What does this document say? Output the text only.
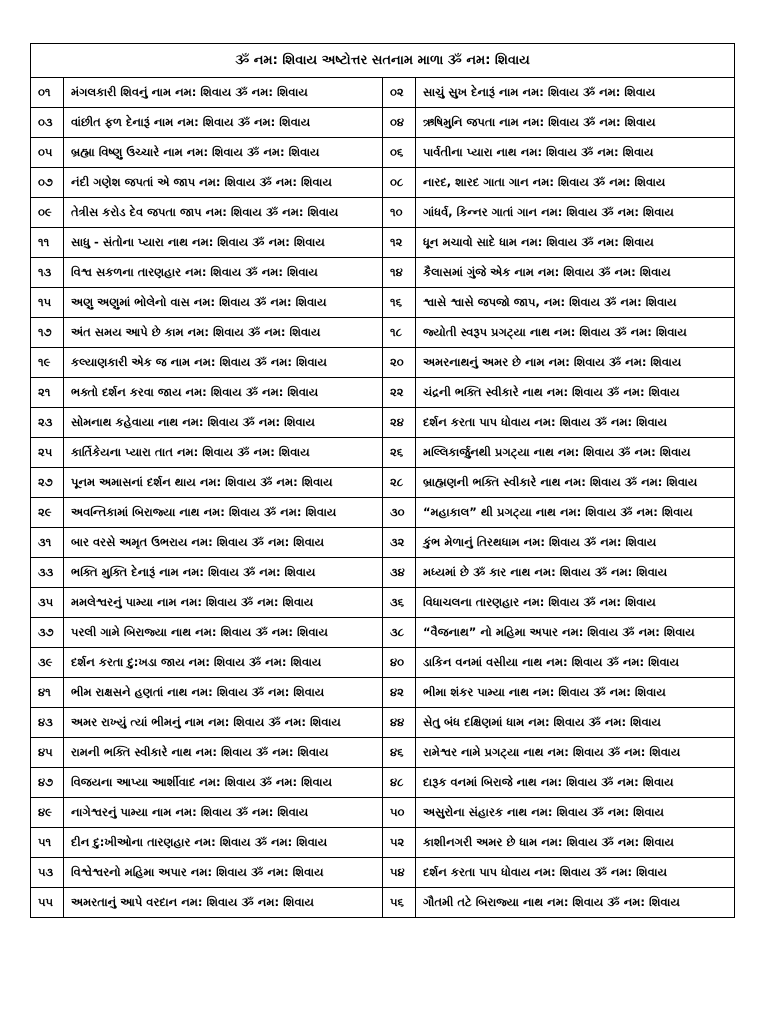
ૐ નમ: શિવાય અષ્ટોત્તર સતનામ માળા ૐ નમ: શિવાય			
૦૧	મંગલકારી શિવનું નામ નમ: શિવાય ૐ નમ: શિવાય	૦૨	સાચું સુખ દેનારૂં નામ નમ: શિવાય ૐ નમ: શિવાય
૦૩	વાંછીત ફળ દેનારૂં નામ નમ: શિવાય ૐ નમ: શિવાય	૦૪	ઋષિમુનિ જપતા નામ નમ: શિવાય ૐ નમ: શિવાય
૦૫	બ્રહ્મા વિષ્ણુ ઉચ્ચારે નામ નમ: શિવાય ૐ નમ: શિવાય	૦૬	પાર્વતીના પ્યારા નાથ નમ: શિવાય ૐ નમ: શિવાય
૦૭	નંદી ગણેશ જપતાં એ જાપ નમ: શિવાય ૐ નમ: શિવાય	૦૮	નારદ, શારદ ગાતા ગાન નમ: શિવાય ૐ નમ: શિવાય
૦૯	તેત્રીસ કરોડ દેવ જપતા જાપ નમ: શિવાય ૐ નમ: શિવાય	૧૦	ગાંધર્વ, કિન્નર ગાતાં ગાન નમ: શિવાય ૐ નમ: શિવાય
૧૧	સાધુ - સંતોના પ્યારા નાથ નમ: શિવાય ૐ નમ: શિવાય	૧૨	ધૂન મચાવો સાદે ધામ નમ: શિવાય ૐ નમ: શિવાય
૧૩	વિશ્વ સકળના તારણહાર નમ: શિવાય ૐ નમ: શિવાય	૧૪	કૈલાસમાં ગુંજે એક નામ નમ: શિવાય ૐ નમ: શિવાય
૧૫	અણુ અણુમાં ભોલેનો વાસ નમ: શિવાય ૐ નમ: શિવાય	૧૬	શ્વાસે શ્વાસે જપજો જાપ, નમ: શિવાય ૐ નમ: શિવાય
૧૭	અંત સમય આપે છે કામ નમ: શિવાય ૐ નમ: શિવાય	૧૮	જ્યોતી સ્વરૂપ પ્રગટ્યા નાથ નમ: શિવાય ૐ નમ: શિવાય
૧૯	કલ્યાણકારી એક જ નામ નમ: શિવાય ૐ નમ: શિવાય	૨૦	અમરનાથનું અમર છે નામ નમ: શિવાય ૐ નમ: શિવાય
૨૧	ભક્તો દર્શન કરવા જાય નમ: શિવાય ૐ નમ: શિવાય	૨૨	ચંદ્રની ભક્તિ સ્વીકારે નાથ નમ: શિવાય ૐ નમ: શિવાય
૨૩	સોમનાથ કહેવાયા નાથ નમ: શિવાય ૐ નમ: શિવાય	૨૪	દર્શન કરતા પાપ ધોવાય નમ: શિવાય ૐ નમ: શિવાય
૨૫	કાર્તિકેયના પ્યારા તાત નમ: શિવાય ૐ નમ: શિવાય	૨૬	મલ્લિકાર્જુનથી પ્રગટ્યા નાથ નમ: શિવાય ૐ નમ: શિવાય
૨૭	પૂનમ અમાસનાં દર્શન થાય નમ: શિવાય ૐ નમ: શિવાય	૨૮	બ્રાહ્મણની ભક્તિ સ્વીકારે નાથ નમ: શિવાય ૐ નમ: શિવાય
૨૯	અવન્તિકામાં બિરાજ્યા નાથ નમ: શિવાય ૐ નમ: શિવાય	૩૦	“મહાકાલ” થી પ્રગટ્યા નાથ નમ: શિવાય ૐ નમ: શિવાય
૩૧	બાર વરસે અમૃત ઉભરાય નમ: શિવાય ૐ નમ: શિવાય	૩૨	કુંભ મેળાનું તિરથધામ નમ: શિવાય ૐ નમ: શિવાય
૩૩	ભક્તિ મુક્તિ દેનારૂં નામ નમ: શિવાય ૐ નમ: શિવાય	૩૪	મધ્યમાં છે ૐ કાર નાથ નમ: શિવાય ૐ નમ: શિવાય
૩૫	મમલેશ્વરનું પામ્યા નામ નમ: શિવાય ૐ નમ: શિવાય	૩૬	વિધાચલના તારણહાર નમ: શિવાય ૐ નમ: શિવાય
૩૭	પરલી ગામે બિરાજ્યા નાથ નમ: શિવાય ૐ નમ: શિવાય	૩૮	“વૈજનાથ” નો મહિમા અપાર નમ: શિવાય ૐ નમ: શિવાય
૩૯	દર્શન કરતા દુ:ખડા જાય નમ: શિવાય ૐ નમ: શિવાય	૪૦	ડાકિન વનમાં વસીયા નાથ નમ: શિવાય ૐ નમ: શિવાય
૪૧	ભીમ રાક્ષસને હણતાં નાથ નમ: શિવાય ૐ નમ: શિવાય	૪૨	ભીમા શંકર પામ્યા નાથ નમ: શિવાય ૐ નમ: શિવાય
૪૩	અમર રાખ્યું ત્યાં ભીમનું નામ નમ: શિવાય ૐ નમ: શિવાય	૪૪	સેતુ બંધ દક્ષિણમાં ધામ નમ: શિવાય ૐ નમ: શિવાય
૪૫	રામની ભક્તિ સ્વીકારે નાથ નમ: શિવાય ૐ નમ: શિવાય	૪૬	રામેશ્વર નામે પ્રગટ્યા નાથ નમ: શિવાય ૐ નમ: શિવાય
૪૭	વિજયના આપ્યા આર્શીવાદ નમ: શિવાય ૐ નમ: શિવાય	૪૮	દારૂક વનમાં બિરાજે નાથ નમ: શિવાય ૐ નમ: શિવાય
૪૯	નાગેશ્વરનું પામ્યા નામ નમ: શિવાય ૐ નમ: શિવાય	૫૦	અસુરોના સંહારક નાથ નમ: શિવાય ૐ નમ: શિવાય
૫૧	દીન દુ:ખીઓના તારણહાર નમ: શિવાય ૐ નમ: શિવાય	૫૨	કાશીનગરી અમર છે ધામ નમ: શિવાય ૐ નમ: શિવાય
૫૩	વિશ્વેશ્વરનો મહિમા અપાર નમ: શિવાય ૐ નમ: શિવાય	૫૪	દર્શન કરતા પાપ ધોવાય નમ: શિવાય ૐ નમ: શિવાય
૫૫	અમરતાનું આપે વરદાન નમ: શિવાય ૐ નમ: શિવાય	૫૬	ગૌતમી તટે બિરાજ્યા નાથ નમ: શિવાય ૐ નમ: શિવાય
